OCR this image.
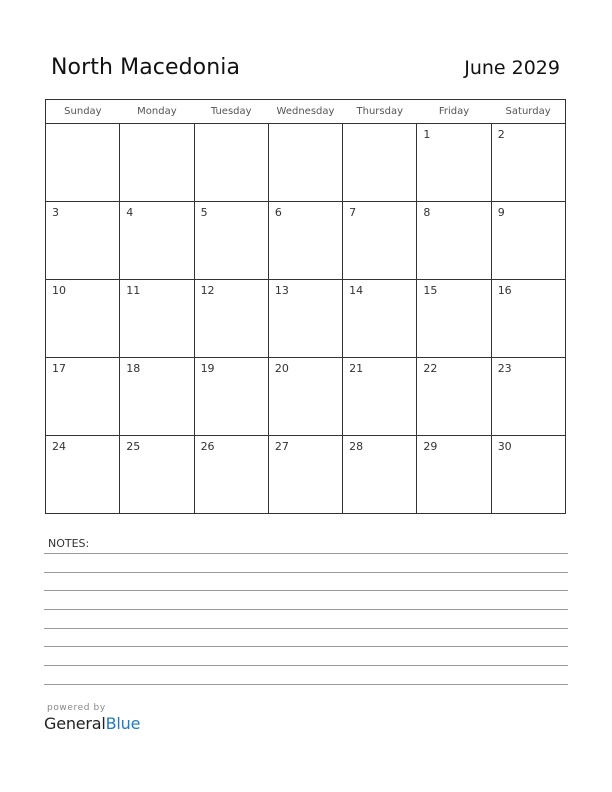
North Macedonia	June 2029
Sunday	Monday	Tuesday	Wednesday	Thursday	Friday	Saturday

					1	2

3	4	5	6	7	8	9

10	11	12	13	14	15	16

17	18	19	20	21	22	23

24	25	26	27	28	29	30
NOTES:
powered by
GeneralBlue
